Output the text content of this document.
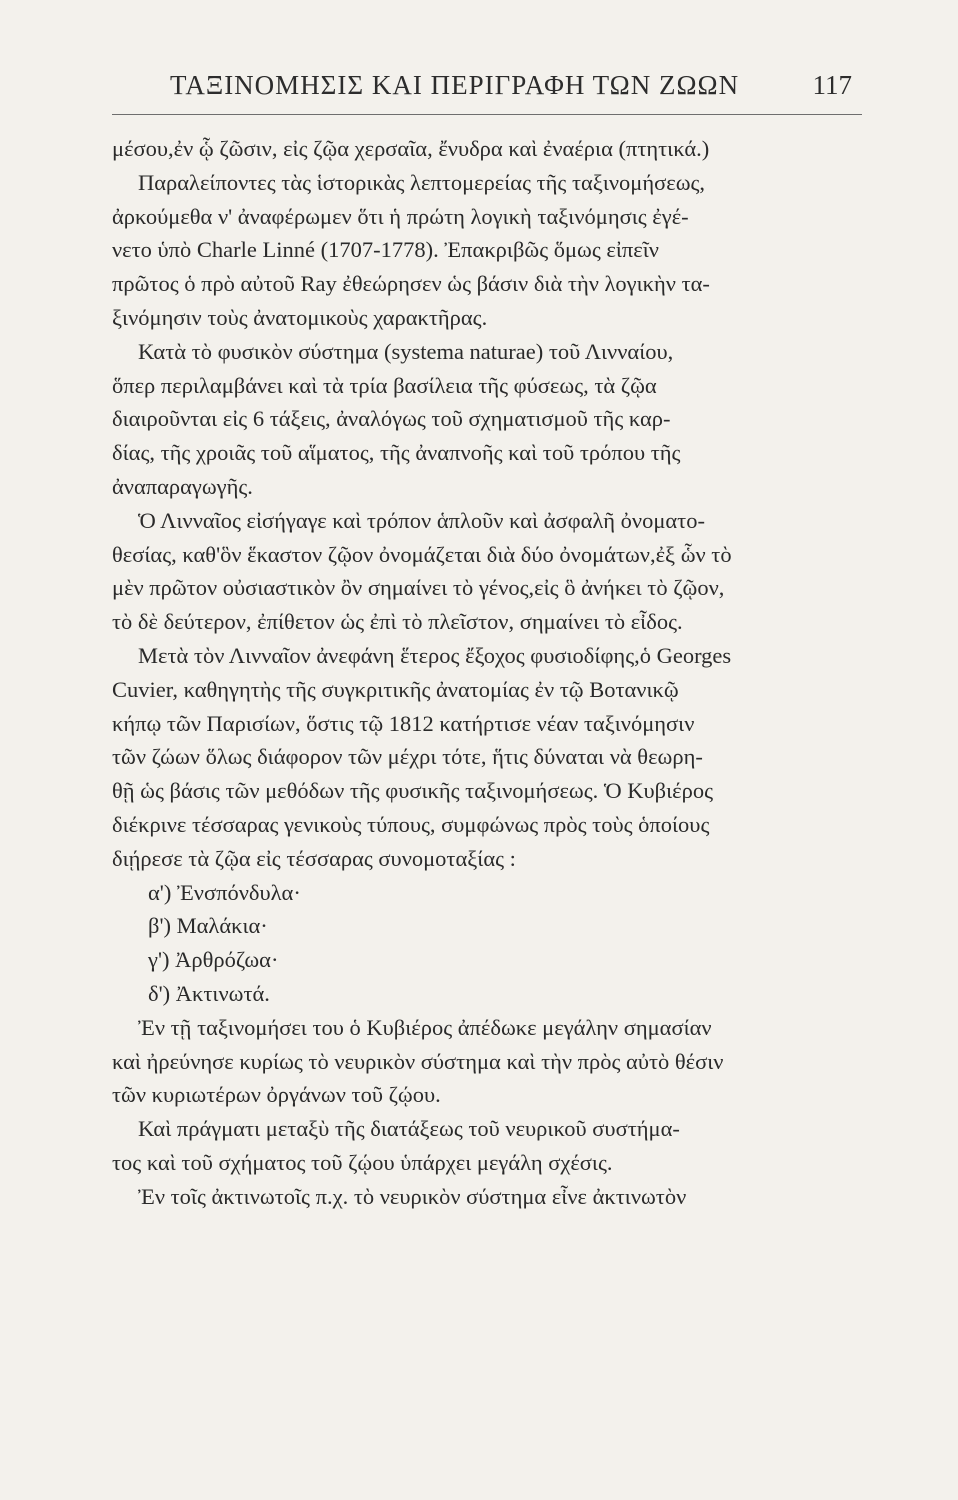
ΤΑΞΙΝΟΜΗΣΙΣ ΚΑΙ ΠΕΡΙΓΡΑΦΗ ΤΩΝ ΖΩΩΝ	117
μέσου,ἐν ᾧ ζῶσιν, εἰς ζῷα χερσαῖα, ἔνυδρα καὶ ἐναέρια (πτητικά.)
Παραλείποντες τὰς ἱστορικὰς λεπτομερείας τῆς ταξινομήσεως,
ἀρκούμεθα ν' ἀναφέρωμεν ὅτι ἡ πρώτη λογικὴ ταξινόμησις ἐγέ-
νετο ὑπὸ Charle Linné (1707-1778). Ἐπακριβῶς ὅμως εἰπεῖν
πρῶτος ὁ πρὸ αὐτοῦ Ray ἐθεώρησεν ὡς βάσιν διὰ τὴν λογικὴν τα-
ξινόμησιν τοὺς ἀνατομικοὺς χαρακτῆρας.
Κατὰ τὸ φυσικὸν σύστημα (systema naturae) τοῦ Λινναίου,
ὅπερ περιλαμβάνει καὶ τὰ τρία βασίλεια τῆς φύσεως, τὰ ζῷα
διαιροῦνται εἰς 6 τάξεις, ἀναλόγως τοῦ σχηματισμοῦ τῆς καρ-
δίας, τῆς χροιᾶς τοῦ αἵματος, τῆς ἀναπνοῆς καὶ τοῦ τρόπου τῆς
ἀναπαραγωγῆς.
Ὁ Λινναῖος εἰσήγαγε καὶ τρόπον ἁπλοῦν καὶ ἀσφαλῆ ὀνοματο-
θεσίας, καθ'ὃν ἕκαστον ζῷον ὀνομάζεται διὰ δύο ὀνομάτων,ἐξ ὧν τὸ
μὲν πρῶτον οὐσιαστικὸν ὂν σημαίνει τὸ γένος,εἰς ὃ ἀνήκει τὸ ζῷον,
τὸ δὲ δεύτερον, ἐπίθετον ὡς ἐπὶ τὸ πλεῖστον, σημαίνει τὸ εἶδος.
Μετὰ τὸν Λινναῖον ἀνεφάνη ἕτερος ἔξοχος φυσιοδίφης,ὁ Georges
Cuvier, καθηγητὴς τῆς συγκριτικῆς ἀνατομίας ἐν τῷ Βοτανικῷ
κήπῳ τῶν Παρισίων, ὅστις τῷ 1812 κατήρτισε νέαν ταξινόμησιν
τῶν ζώων ὅλως διάφορον τῶν μέχρι τότε, ἥτις δύναται νὰ θεωρη-
θῇ ὡς βάσις τῶν μεθόδων τῆς φυσικῆς ταξινομήσεως. Ὁ Κυβιέρος
διέκρινε τέσσαρας γενικοὺς τύπους, συμφώνως πρὸς τοὺς ὁποίους
διῄρεσε τὰ ζῷα εἰς τέσσαρας συνομοταξίας :
α') Ἐνσπόνδυλα·
β') Μαλάκια·
γ') Ἀρθρόζωα·
δ') Ἀκτινωτά.
Ἐν τῇ ταξινομήσει του ὁ Κυβιέρος ἀπέδωκε μεγάλην σημασίαν
καὶ ἠρεύνησε κυρίως τὸ νευρικὸν σύστημα καὶ τὴν πρὸς αὐτὸ θέσιν
τῶν κυριωτέρων ὀργάνων τοῦ ζῴου.
Καὶ πράγματι μεταξὺ τῆς διατάξεως τοῦ νευρικοῦ συστήμα-
τος καὶ τοῦ σχήματος τοῦ ζῴου ὑπάρχει μεγάλη σχέσις.
Ἐν τοῖς ἀκτινωτοῖς π.χ. τὸ νευρικὸν σύστημα εἶνε ἀκτινωτὸν
